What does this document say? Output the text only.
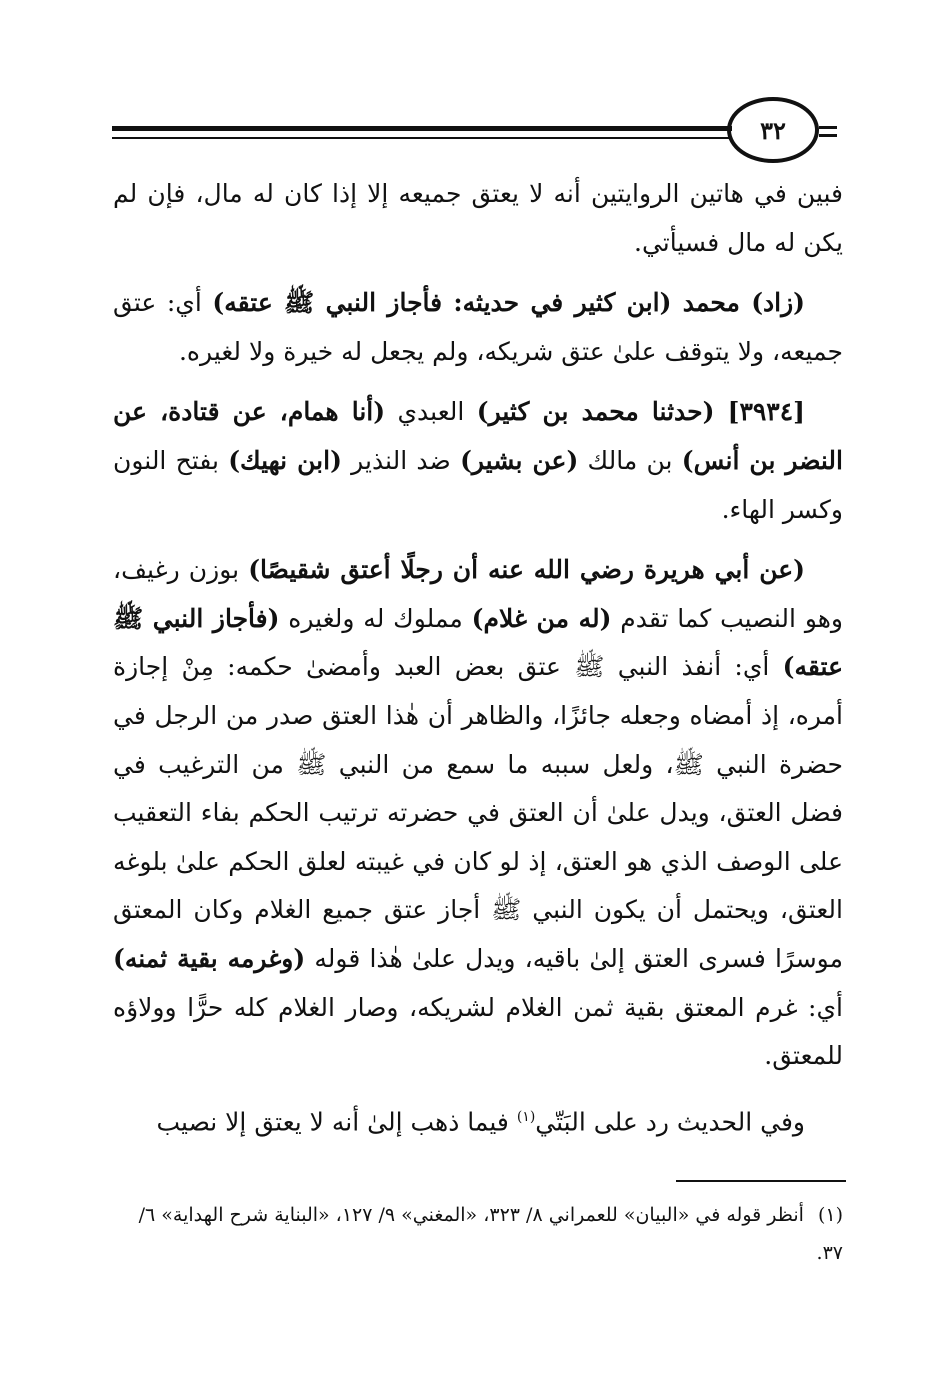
٣٢

فبين في هاتين الروايتين أنه لا يعتق جميعه إلا إذا كان له مال، فإن لم يكن له مال فسيأتي.

(زاد) محمد (ابن كثير في حديثه: فأجاز النبي ﷺ عتقه) أي: عتق جميعه، ولا يتوقف علىٰ عتق شريكه، ولم يجعل له خيرة ولا لغيره.

[٣٩٣٤] (حدثنا محمد بن كثير) العبدي (أنا همام، عن قتادة، عن النضر بن أنس) بن مالك (عن بشير) ضد النذير (ابن نهيك) بفتح النون وكسر الهاء.

(عن أبي هريرة رضي الله عنه أن رجلًا أعتق شقيصًا) بوزن رغيف، وهو النصيب كما تقدم (له من غلام) مملوك له ولغيره (فأجاز النبي ﷺ عتقه) أي: أنفذ النبي ﷺ عتق بعض العبد وأمضىٰ حكمه: مِنْ إجازة أمره، إذ أمضاه وجعله جائزًا، والظاهر أن هٰذا العتق صدر من الرجل في حضرة النبي ﷺ، ولعل سببه ما سمع من النبي ﷺ من الترغيب في فضل العتق، ويدل علىٰ أن العتق في حضرته ترتيب الحكم بفاء التعقيب على الوصف الذي هو العتق، إذ لو كان في غيبته لعلق الحكم علىٰ بلوغه العتق، ويحتمل أن يكون النبي ﷺ أجاز عتق جميع الغلام وكان المعتق موسرًا فسرى العتق إلىٰ باقيه، ويدل علىٰ هٰذا قوله (وغرمه بقية ثمنه) أي: غرم المعتق بقية ثمن الغلام لشريكه، وصار الغلام كله حرًّا وولاؤه للمعتق.

وفي الحديث رد على البَتّي$^{(١)}$ فيما ذهب إلىٰ أنه لا يعتق إلا نصيب

(١)أنظر قوله في «البيان» للعمراني ٨/ ٣٢٣، «المغني» ٩/ ١٢٧، «البناية شرح الهداية» ٦/ ٣٧.
